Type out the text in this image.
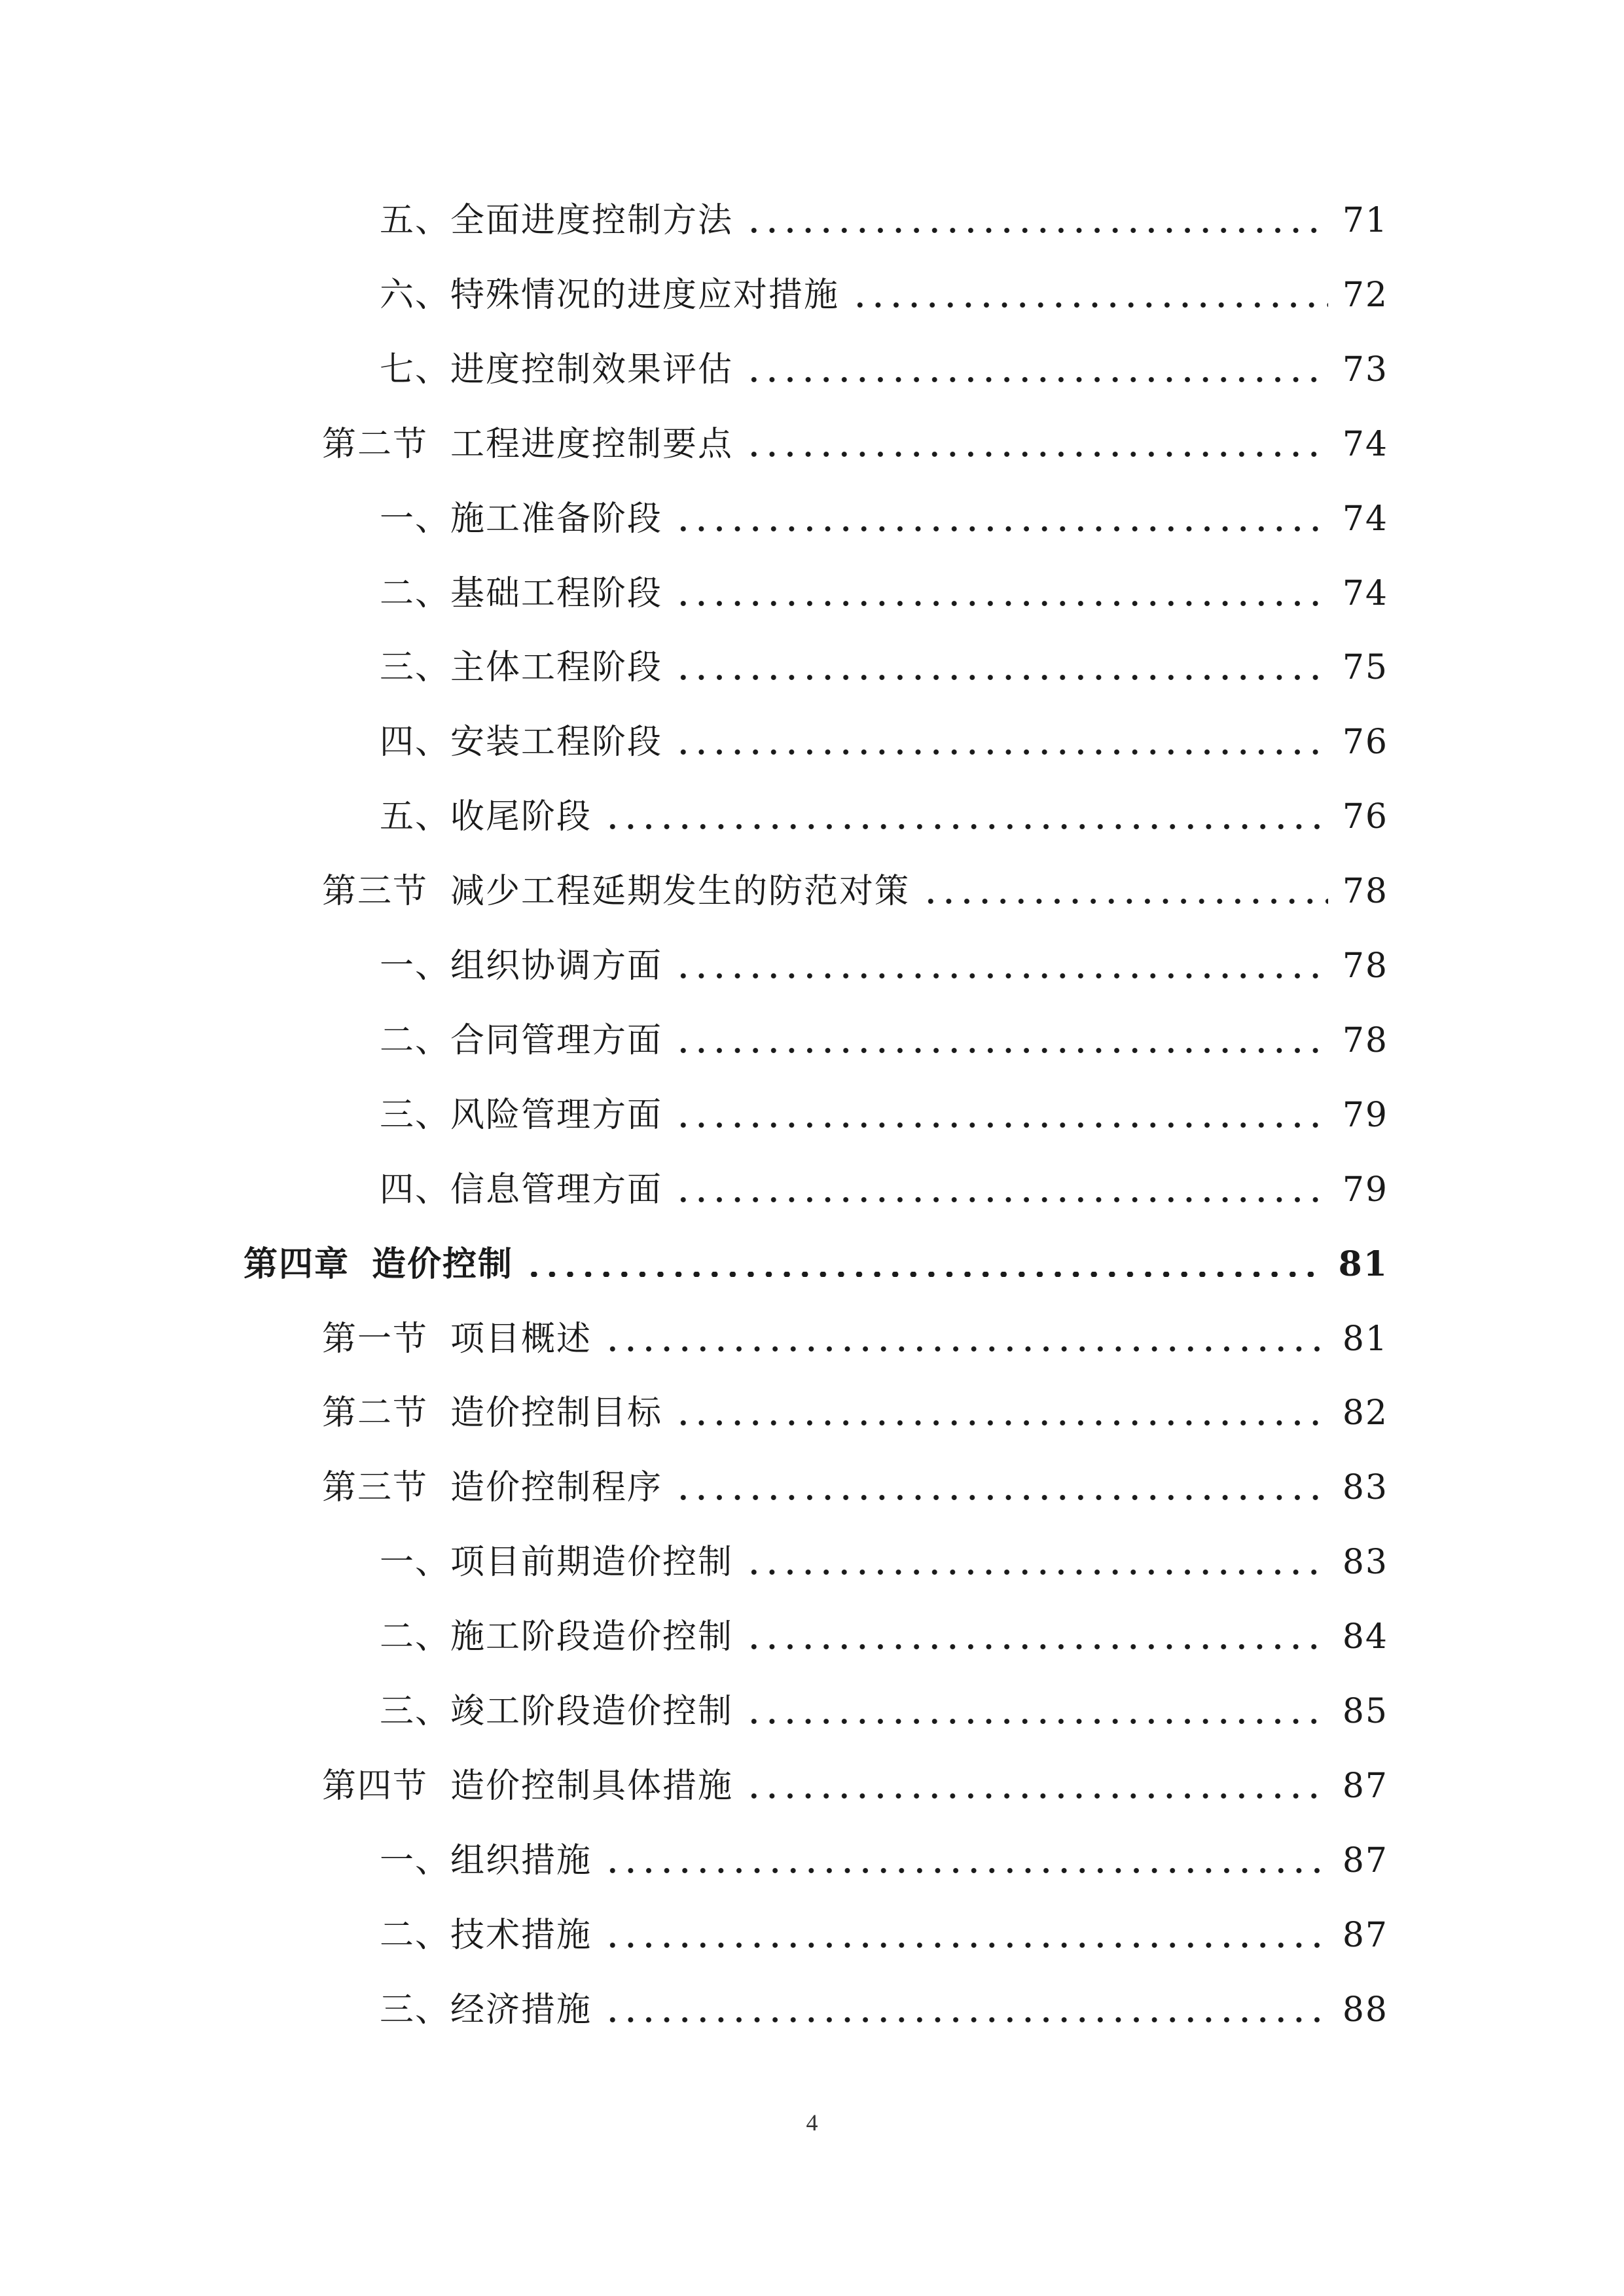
五、 全面进度控制方法	71
六、 特殊情况的进度应对措施	72
七、 进度控制效果评估	73
第二节 工程进度控制要点	74
一、 施工准备阶段	74
二、 基础工程阶段	74
三、 主体工程阶段	75
四、 安装工程阶段	76
五、 收尾阶段	76
第三节 减少工程延期发生的防范对策	78
一、 组织协调方面	78
二、 合同管理方面	78
三、 风险管理方面	79
四、 信息管理方面	79
第四章 造价控制	81
第一节 项目概述	81
第二节 造价控制目标	82
第三节 造价控制程序	83
一、 项目前期造价控制	83
二、 施工阶段造价控制	84
三、 竣工阶段造价控制	85
第四节 造价控制具体措施	87
一、 组织措施	87
二、 技术措施	87
三、 经济措施	88
4
